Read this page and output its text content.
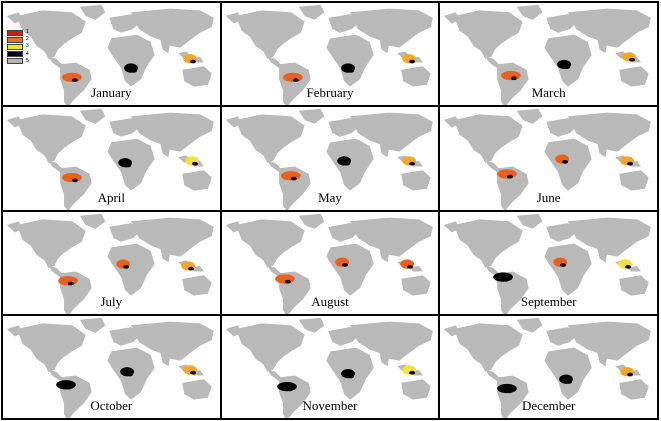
January
1
2
3
4
5
February	March
April	May	June
July	August	September
October	November	December
